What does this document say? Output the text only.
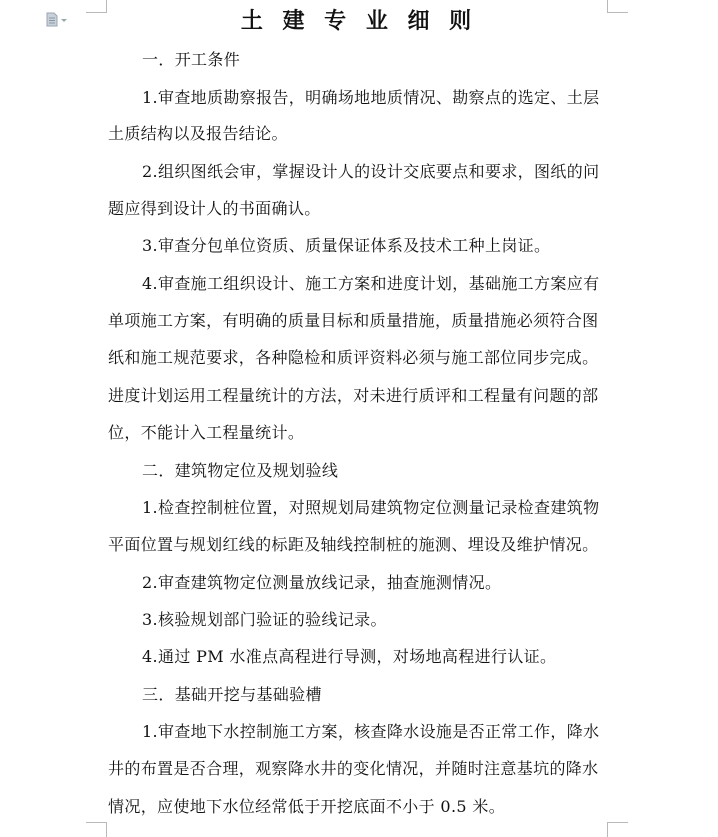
土 建 专 业 细 则
一．开工条件
1.审查地质勘察报告，明确场地地质情况、勘察点的选定、土层
土质结构以及报告结论。
2.组织图纸会审，掌握设计人的设计交底要点和要求，图纸的问
题应得到设计人的书面确认。
3.审查分包单位资质、质量保证体系及技术工种上岗证。
4.审查施工组织设计、施工方案和进度计划，基础施工方案应有
单项施工方案，有明确的质量目标和质量措施，质量措施必须符合图
纸和施工规范要求，各种隐检和质评资料必须与施工部位同步完成。
进度计划运用工程量统计的方法，对未进行质评和工程量有问题的部
位，不能计入工程量统计。
二．建筑物定位及规划验线
1.检查控制桩位置，对照规划局建筑物定位测量记录检查建筑物
平面位置与规划红线的标距及轴线控制桩的施测、埋设及维护情况。
2.审查建筑物定位测量放线记录，抽查施测情况。
3.核验规划部门验证的验线记录。
4.通过 PM 水准点高程进行导测，对场地高程进行认证。
三．基础开挖与基础验槽
1.审查地下水控制施工方案，核查降水设施是否正常工作，降水
井的布置是否合理，观察降水井的变化情况，并随时注意基坑的降水
情况，应使地下水位经常低于开挖底面不小于 0.5 米。
